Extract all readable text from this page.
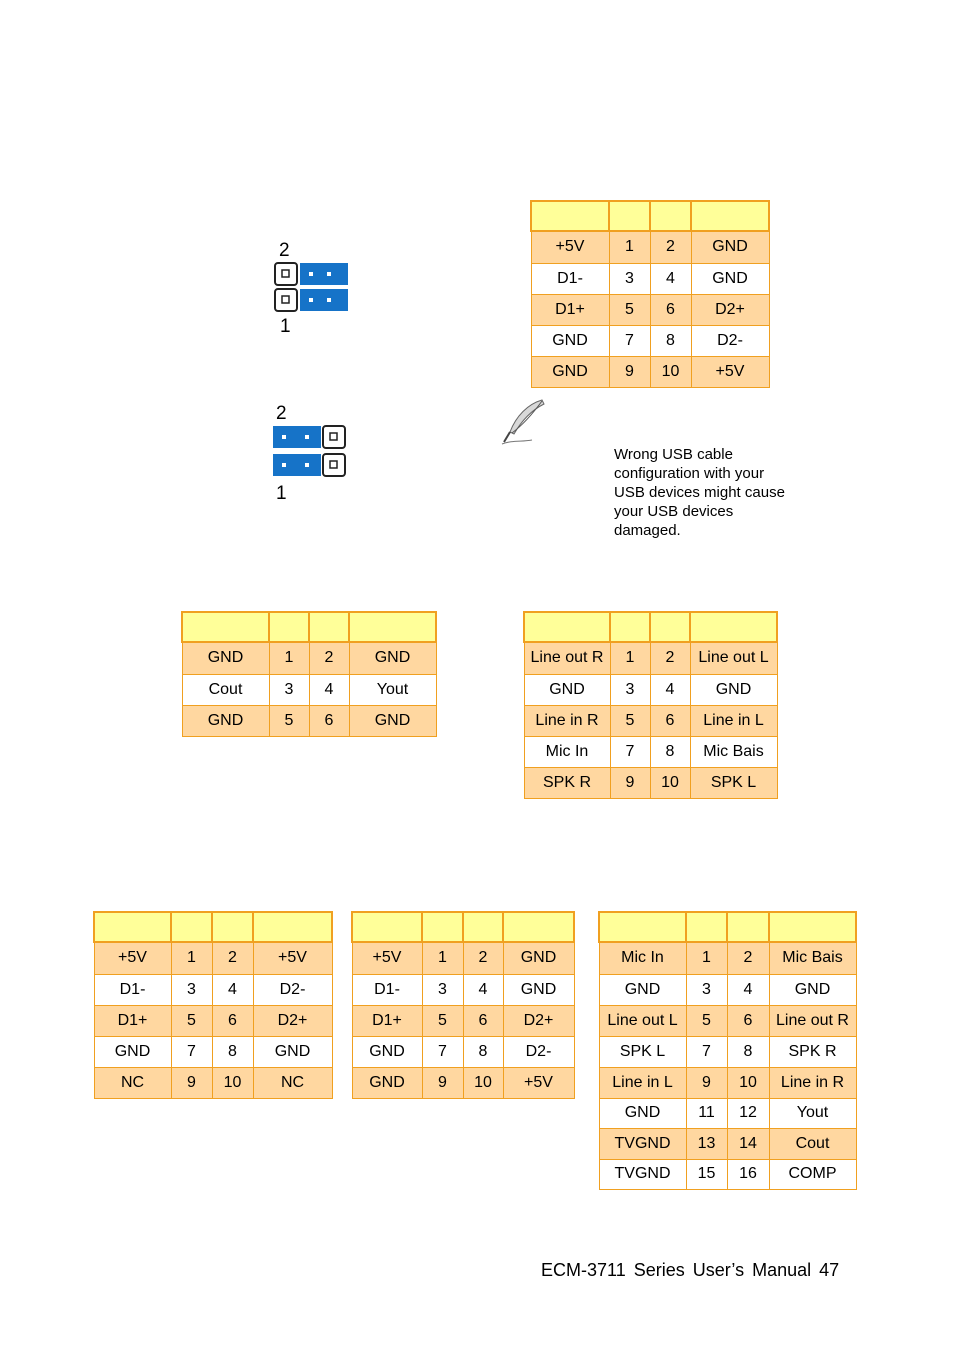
2
1
2
1
Wrong USB cable
configuration with your
USB devices might cause
your USB devices
damaged.

+5V	1	2	GND
D1-	3	4	GND
D1+	5	6	D2+
GND	7	8	D2-
GND	9	10	+5V

GND	1	2	GND
Cout	3	4	Yout
GND	5	6	GND

Line out R	1	2	Line out L
GND	3	4	GND
Line in R	5	6	Line in L
Mic In	7	8	Mic Bais
SPK R	9	10	SPK L

+5V	1	2	+5V
D1-	3	4	D2-
D1+	5	6	D2+
GND	7	8	GND
NC	9	10	NC

+5V	1	2	GND
D1-	3	4	GND
D1+	5	6	D2+
GND	7	8	D2-
GND	9	10	+5V

Mic In	1	2	Mic Bais
GND	3	4	GND
Line out L	5	6	Line out R
SPK L	7	8	SPK R
Line in L	9	10	Line in R
GND	11	12	Yout
TVGND	13	14	Cout
TVGND	15	16	COMP
ECM-3711 Series User’s Manual 47
